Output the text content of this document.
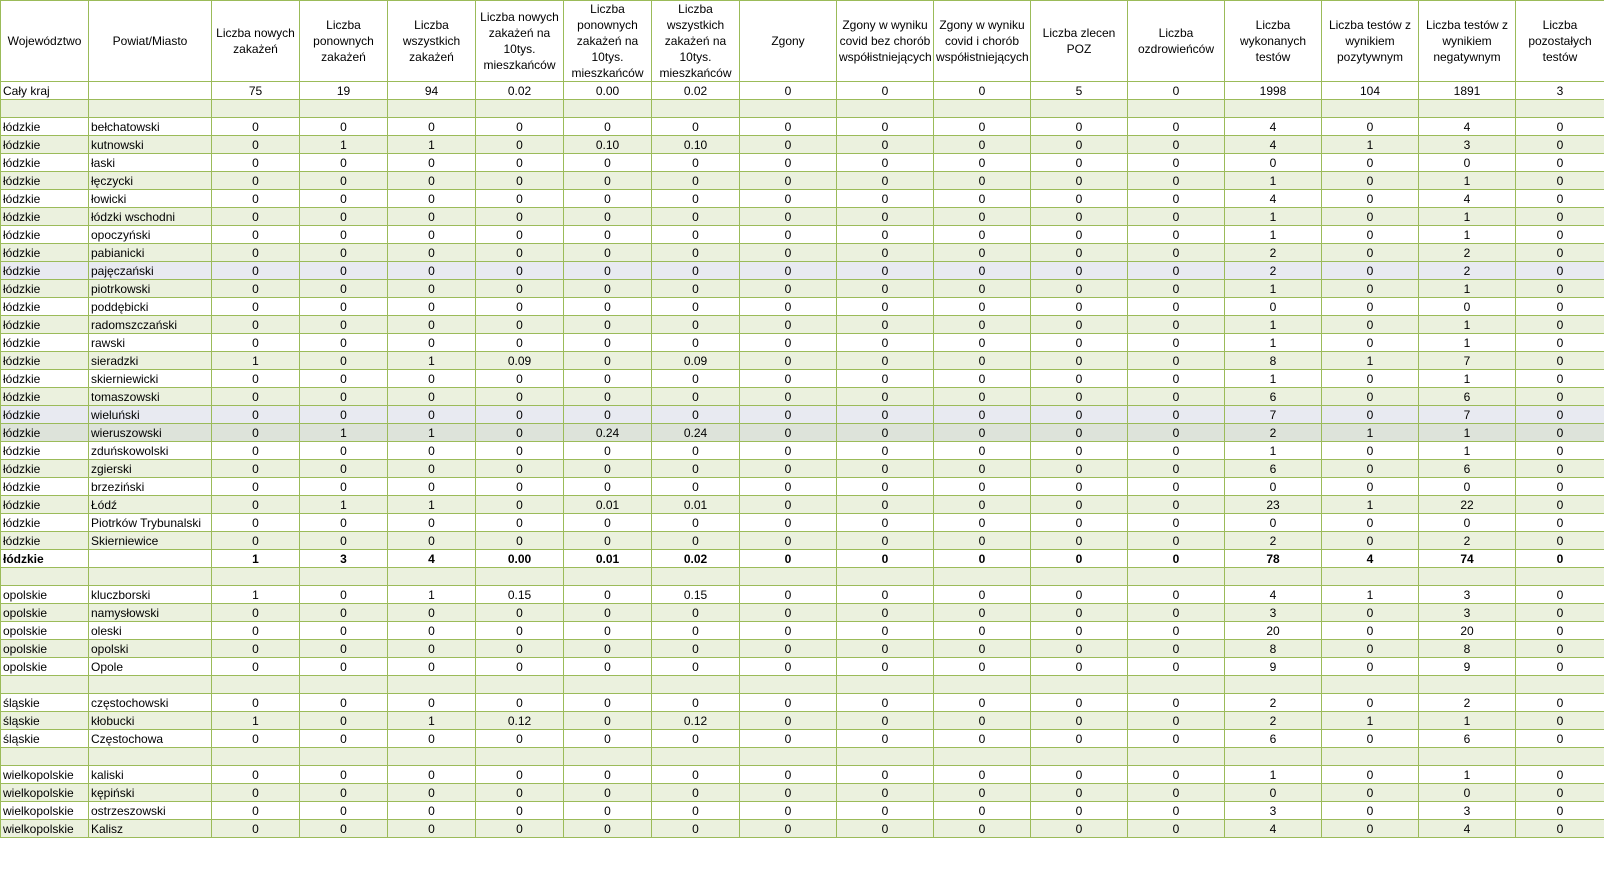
Województwo	Powiat/Miasto	Liczba nowych zakażeń	Liczba ponownych zakażeń	Liczba wszystkich zakażeń	Liczba nowych zakażeń na 10tys. mieszkańców	Liczba ponownych zakażeń na 10tys. mieszkańców	Liczba wszystkich zakażeń na 10tys. mieszkańców	Zgony	Zgony w wyniku covid bez chorób współistniejących	Zgony w wyniku covid i chorób współistniejących	Liczba zlecen POZ	Liczba ozdrowieńców	Liczba wykonanych testów	Liczba testów z wynikiem pozytywnym	Liczba testów z wynikiem negatywnym	Liczba pozostałych testów
Cały kraj		75	19	94	0.02	0.00	0.02	0	0	0	5	0	1998	104	1891	3

łódzkie	bełchatowski	0	0	0	0	0	0	0	0	0	0	0	4	0	4	0
łódzkie	kutnowski	0	1	1	0	0.10	0.10	0	0	0	0	0	4	1	3	0
łódzkie	łaski	0	0	0	0	0	0	0	0	0	0	0	0	0	0	0
łódzkie	łęczycki	0	0	0	0	0	0	0	0	0	0	0	1	0	1	0
łódzkie	łowicki	0	0	0	0	0	0	0	0	0	0	0	4	0	4	0
łódzkie	łódzki wschodni	0	0	0	0	0	0	0	0	0	0	0	1	0	1	0
łódzkie	opoczyński	0	0	0	0	0	0	0	0	0	0	0	1	0	1	0
łódzkie	pabianicki	0	0	0	0	0	0	0	0	0	0	0	2	0	2	0
łódzkie	pajęczański	0	0	0	0	0	0	0	0	0	0	0	2	0	2	0
łódzkie	piotrkowski	0	0	0	0	0	0	0	0	0	0	0	1	0	1	0
łódzkie	poddębicki	0	0	0	0	0	0	0	0	0	0	0	0	0	0	0
łódzkie	radomszczański	0	0	0	0	0	0	0	0	0	0	0	1	0	1	0
łódzkie	rawski	0	0	0	0	0	0	0	0	0	0	0	1	0	1	0
łódzkie	sieradzki	1	0	1	0.09	0	0.09	0	0	0	0	0	8	1	7	0
łódzkie	skierniewicki	0	0	0	0	0	0	0	0	0	0	0	1	0	1	0
łódzkie	tomaszowski	0	0	0	0	0	0	0	0	0	0	0	6	0	6	0
łódzkie	wieluński	0	0	0	0	0	0	0	0	0	0	0	7	0	7	0
łódzkie	wieruszowski	0	1	1	0	0.24	0.24	0	0	0	0	0	2	1	1	0
łódzkie	zduńskowolski	0	0	0	0	0	0	0	0	0	0	0	1	0	1	0
łódzkie	zgierski	0	0	0	0	0	0	0	0	0	0	0	6	0	6	0
łódzkie	brzeziński	0	0	0	0	0	0	0	0	0	0	0	0	0	0	0
łódzkie	Łódź	0	1	1	0	0.01	0.01	0	0	0	0	0	23	1	22	0
łódzkie	Piotrków Trybunalski	0	0	0	0	0	0	0	0	0	0	0	0	0	0	0
łódzkie	Skierniewice	0	0	0	0	0	0	0	0	0	0	0	2	0	2	0
łódzkie		1	3	4	0.00	0.01	0.02	0	0	0	0	0	78	4	74	0

opolskie	kluczborski	1	0	1	0.15	0	0.15	0	0	0	0	0	4	1	3	0
opolskie	namysłowski	0	0	0	0	0	0	0	0	0	0	0	3	0	3	0
opolskie	oleski	0	0	0	0	0	0	0	0	0	0	0	20	0	20	0
opolskie	opolski	0	0	0	0	0	0	0	0	0	0	0	8	0	8	0
opolskie	Opole	0	0	0	0	0	0	0	0	0	0	0	9	0	9	0

śląskie	częstochowski	0	0	0	0	0	0	0	0	0	0	0	2	0	2	0
śląskie	kłobucki	1	0	1	0.12	0	0.12	0	0	0	0	0	2	1	1	0
śląskie	Częstochowa	0	0	0	0	0	0	0	0	0	0	0	6	0	6	0

wielkopolskie	kaliski	0	0	0	0	0	0	0	0	0	0	0	1	0	1	0
wielkopolskie	kępiński	0	0	0	0	0	0	0	0	0	0	0	0	0	0	0
wielkopolskie	ostrzeszowski	0	0	0	0	0	0	0	0	0	0	0	3	0	3	0
wielkopolskie	Kalisz	0	0	0	0	0	0	0	0	0	0	0	4	0	4	0
